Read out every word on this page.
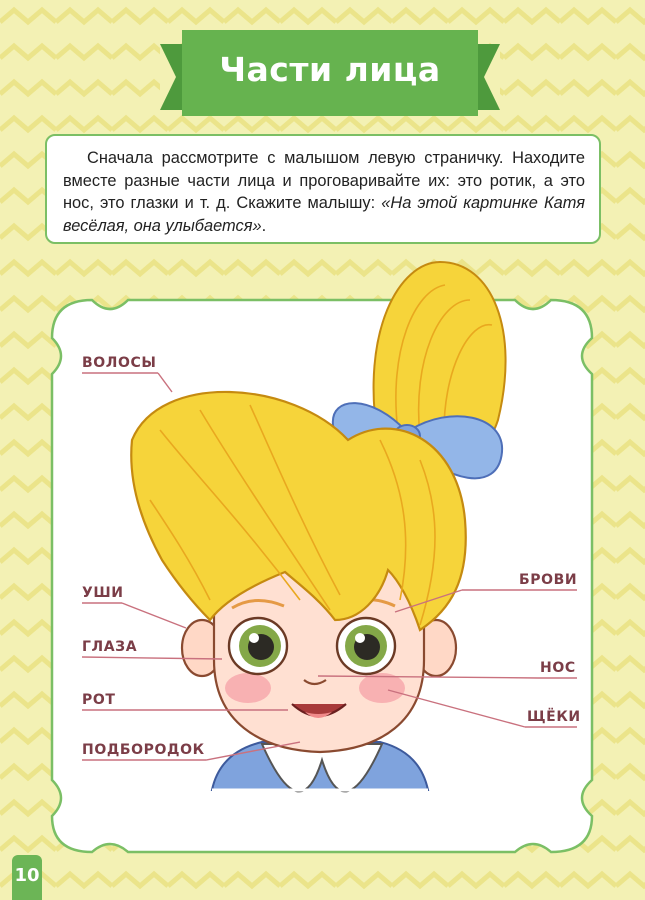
Части лица
Сначала рассмотрите с малышом левую страничку. Находите вместе разные части лица и проговаривайте их: это ротик, а это нос, это глазки и т. д. Скажите малышу: «На этой картинке Катя весёлая, она улыбается».
ВОЛОСЫ
УШИ
ГЛАЗА
РОТ
ПОДБОРОДОК
БРОВИ
НОС
ЩЁКИ
10
